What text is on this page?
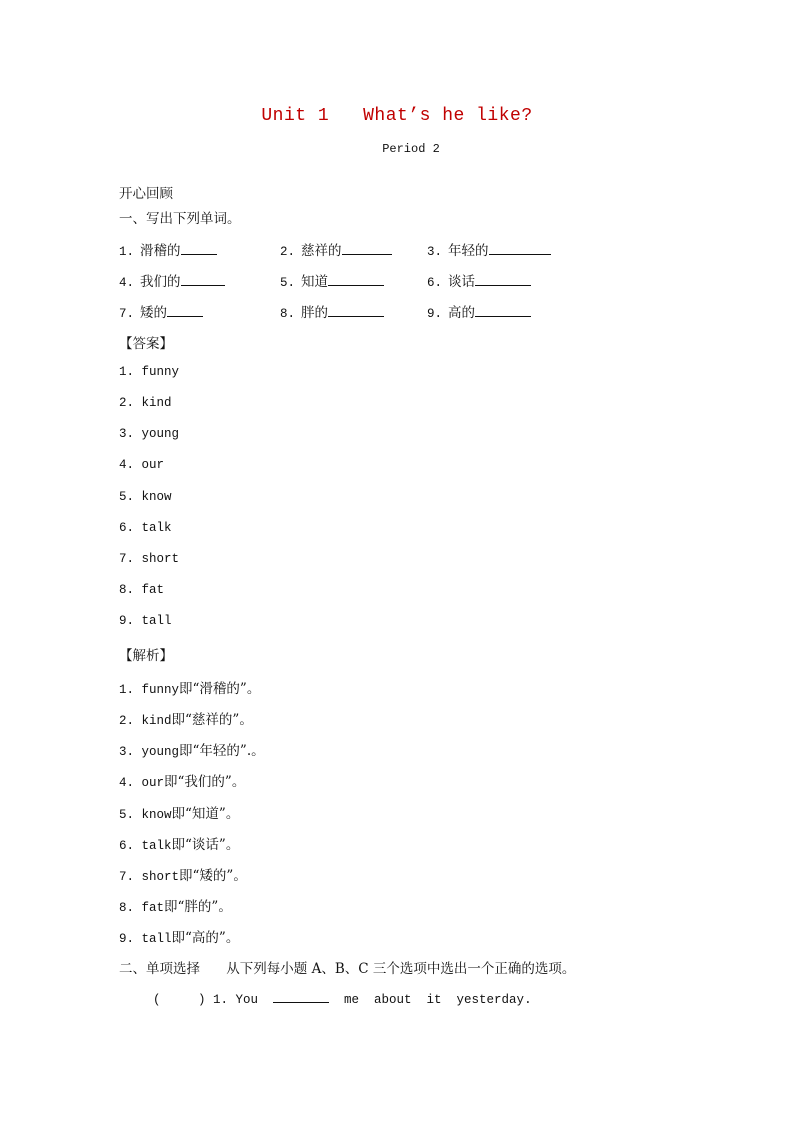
Unit 1   What’s he like?
Period 2
开心回顾
一、写出下列单词。
1. 滑稽的	2. 慈祥的	3. 年轻的
4. 我们的	5. 知道	6. 谈话
7. 矮的	8. 胖的	9. 高的
【答案】
1. funny
2. kind
3. young
4. our
5. know
6. talk
7. short
8. fat
9. tall
【解析】
1. funny即“滑稽的”。
2. kind即“慈祥的”。
3. young即“年轻的”.。
4. our即“我们的”。
5. know即“知道”。
6. talk即“谈话”。
7. short即“矮的”。
8. fat即“胖的”。
9. tall即“高的”。
二、单项选择 从下列每小题 A、B、C 三个选项中选出一个正确的选项。
(     ) 1. You	me  about  it  yesterday.
